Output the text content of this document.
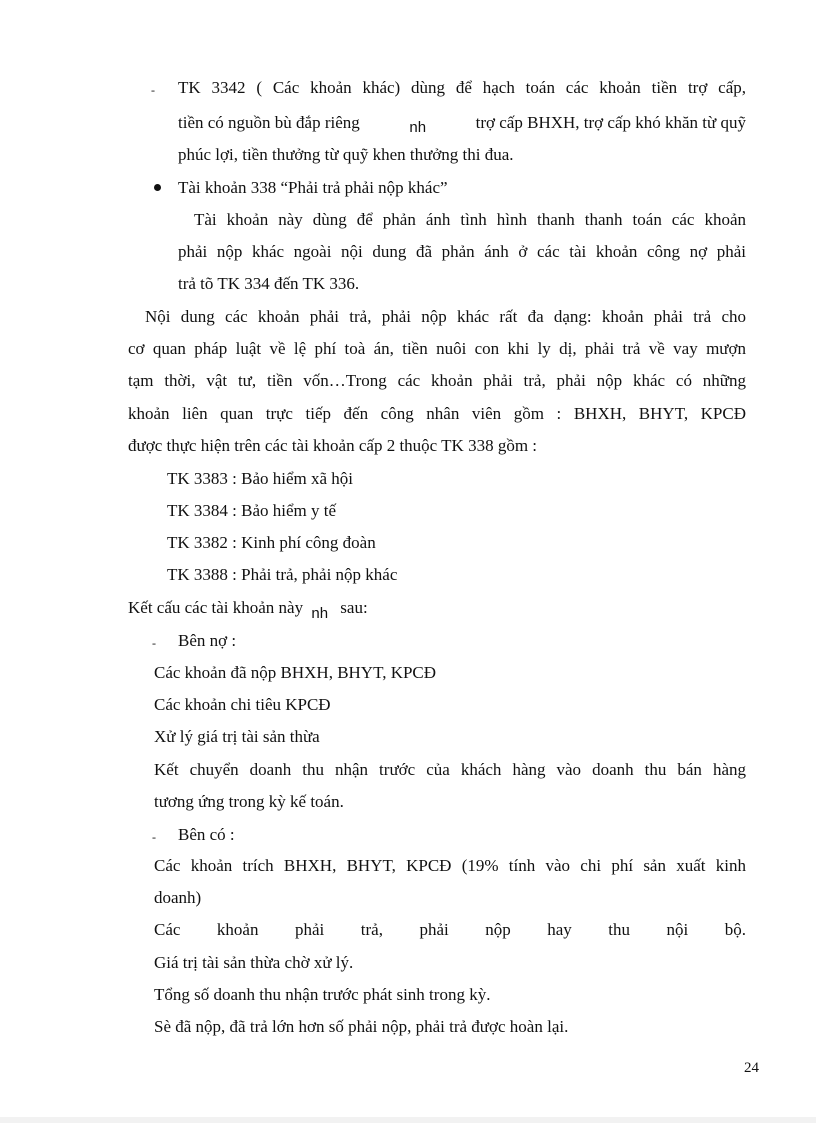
- TK 3342 ( Các khoản khác) dùng để hạch toán các khoản tiền trợ cấp,
tiền có nguồn bù đắp riêng	nh	trợ cấp BHXH, trợ cấp khó khăn từ quỹ
phúc lợi, tiền thưởng từ quỹ khen thưởng thi đua.
Tài khoản 338 “Phải trả phải nộp khác”
Tài khoản này dùng để phản ánh tình hình thanh thanh toán các khoản
phải nộp khác ngoài nội dung đã phản ánh ở các tài khoản công nợ phải
trả tõ TK 334 đến TK 336.
Nội dung các khoản phải trả, phải nộp khác rất đa dạng: khoản phải trả cho
cơ quan pháp luật về lệ phí toà án, tiền nuôi con khi ly dị, phải trả về vay mượn
tạm thời, vật tư, tiền vốn…Trong các khoản phải trả, phải nộp khác có những
khoản liên quan trực tiếp đến công nhân viên gồm : BHXH, BHYT, KPCĐ
được thực hiện trên các tài khoản cấp 2 thuộc TK 338 gồm :
TK 3383 : Bảo hiểm xã hội
TK 3384 : Bảo hiểm y tế
TK 3382 : Kinh phí công đoàn
TK 3388 : Phải trả, phải nộp khác
Kết cấu các tài khoản này nh sau:
- Bên nợ :
Các khoản đã nộp BHXH, BHYT, KPCĐ
Các khoản chi tiêu KPCĐ
Xử lý giá trị tài sản thừa
Kết chuyển doanh thu nhận trước của khách hàng vào doanh thu bán hàng
tương ứng trong kỳ kế toán.
- Bên có :
Các khoản trích BHXH, BHYT, KPCĐ (19% tính vào chi phí sản xuất kinh
doanh)
Các khoản phải trả, phải nộp hay thu nội bộ.
Giá trị tài sản thừa chờ xử lý.
Tổng số doanh thu nhận trước phát sinh trong kỳ.
Sè đã nộp, đã trả lớn hơn số phải nộp, phải trả được hoàn lại.
24
